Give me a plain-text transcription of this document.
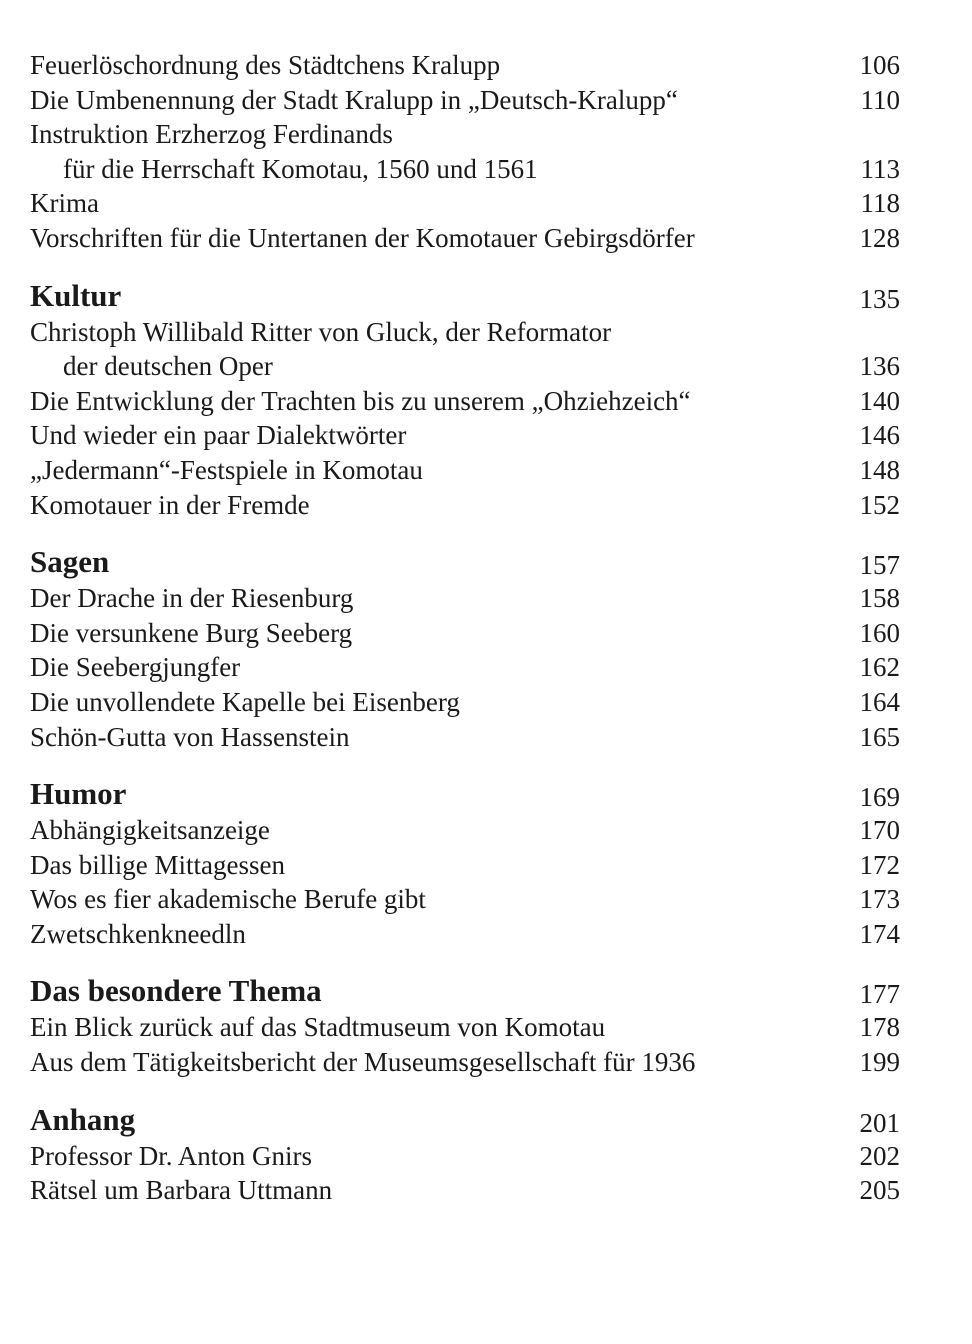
Feuerlöschordnung des Städtchens Kralupp	106
Die Umbenennung der Stadt Kralupp in „Deutsch-Kralupp“	110
Instruktion Erzherzog Ferdinands
für die Herrschaft Komotau, 1560 und 1561	113
Krima	118
Vorschriften für die Untertanen der Komotauer Gebirgsdörfer	128
Kultur	135
Christoph Willibald Ritter von Gluck, der Reformator
der deutschen Oper	136
Die Entwicklung der Trachten bis zu unserem „Ohziehzeich“	140
Und wieder ein paar Dialektwörter	146
„Jedermann“-Festspiele in Komotau	148
Komotauer in der Fremde	152
Sagen	157
Der Drache in der Riesenburg	158
Die versunkene Burg Seeberg	160
Die Seebergjungfer	162
Die unvollendete Kapelle bei Eisenberg	164
Schön-Gutta von Hassenstein	165
Humor	169
Abhängigkeitsanzeige	170
Das billige Mittagessen	172
Wos es fier akademische Berufe gibt	173
Zwetschkenkneedln	174
Das besondere Thema	177
Ein Blick zurück auf das Stadtmuseum von Komotau	178
Aus dem Tätigkeitsbericht der Museumsgesellschaft für 1936	199
Anhang	201
Professor Dr. Anton Gnirs	202
Rätsel um Barbara Uttmann	205
